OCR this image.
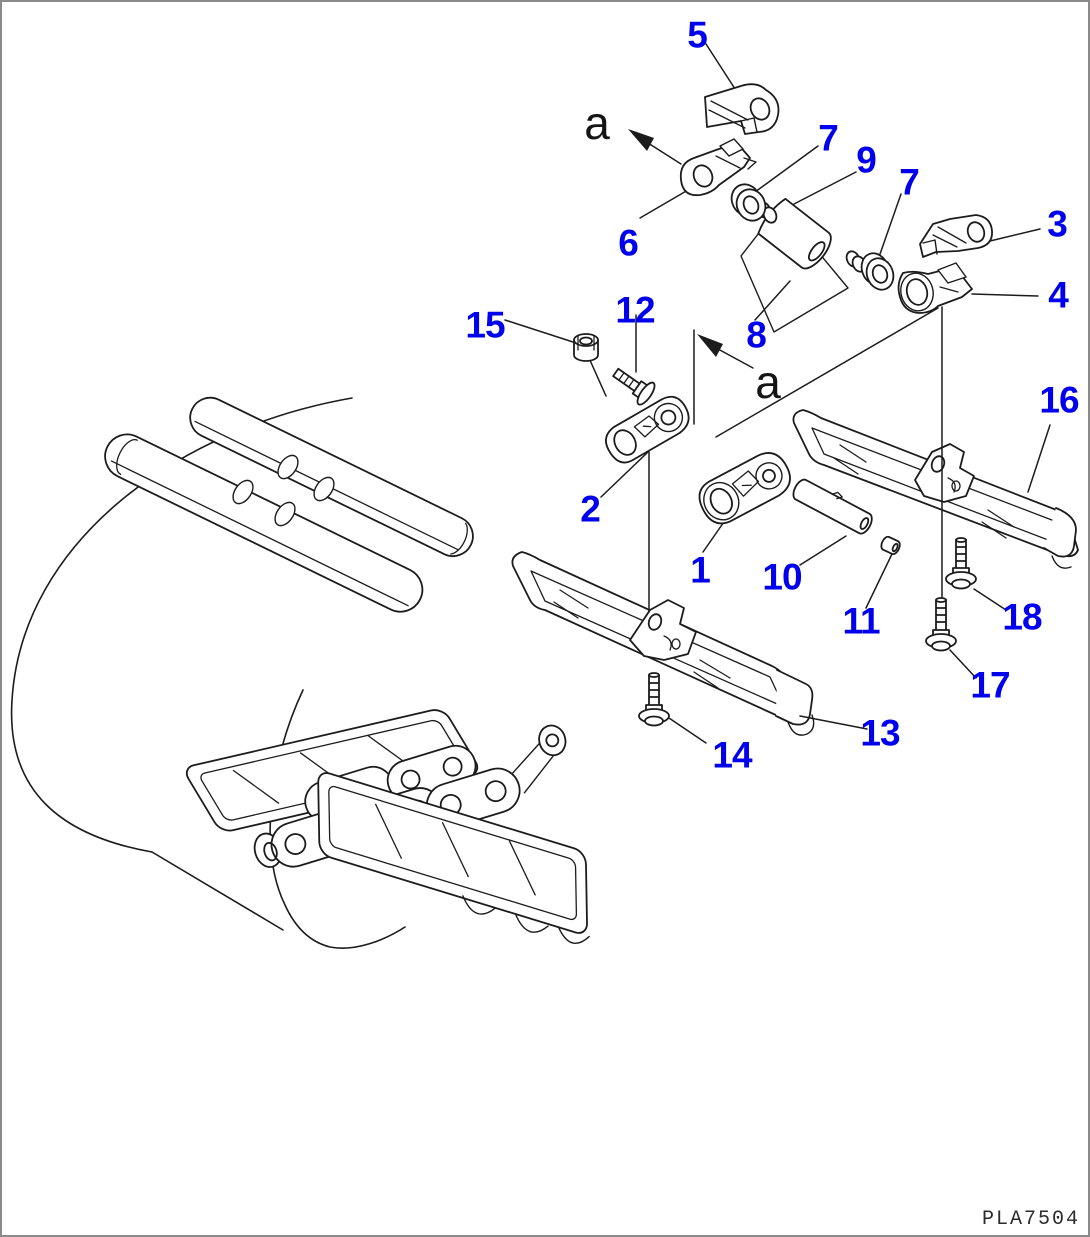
5
7
9
7
3
6
4
12
15	8
16
2
1 10
18
11
17
13
14
a
a
PLA7504
